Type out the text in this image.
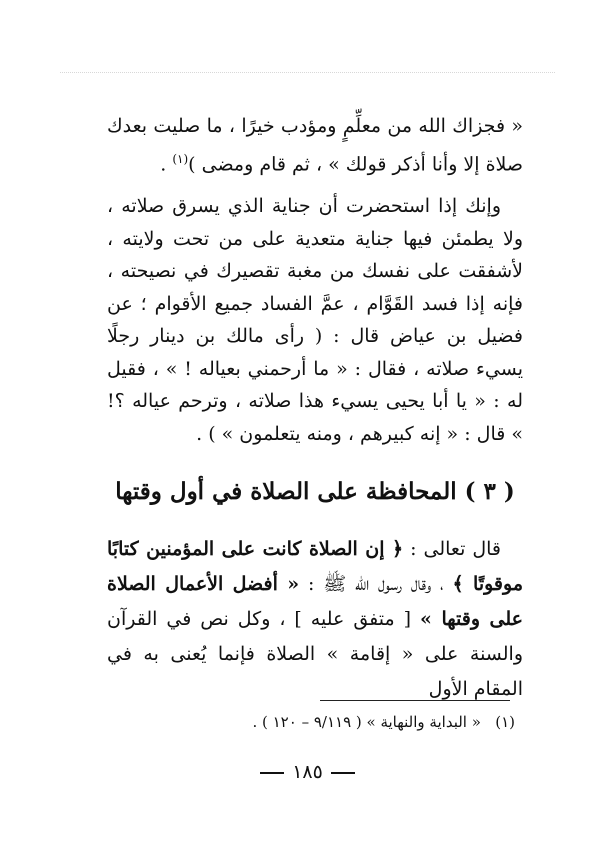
« فجزاك الله من معلِّمٍ ومؤدب خيرًا ، ما صليت بعدك صلاة إلا وأنا أذكر قولك » ، ثم قام ومضى )$^{(١)}$ .

وإنك إذا استحضرت أن جناية الذي يسرق صلاته ، ولا يطمئن فيها جناية متعدية على من تحت ولايته ، لأشفقت على نفسك من مغبة تقصيرك في نصيحته ، فإنه إذا فسد القَوَّام ، عمَّ الفساد جميع الأقوام ؛ عن فضيل بن عياض قال : ( رأى مالك بن دينار رجلًا يسيء صلاته ، فقال : « ما أرحمني بعياله ! » ، فقيل له : « يا أبا يحيى يسيء هذا صلاته ، وترحم عياله ؟! » قال : « إنه كبيرهم ، ومنه يتعلمون » ) .

( ٣ ) المحافظة على الصلاة في أول وقتها

قال تعالى : ﴿ إن الصلاة كانت على المؤمنين كتابًا موقوتًا ﴾ ، وقال رسول الله ﷺ : « أفضل الأعمال الصلاة على وقتها » [ متفق عليه ] ، وكل نص في القرآن والسنة على « إقامة » الصلاة فإنما يُعنى به في المقام الأول

(١)   « البداية والنهاية » ( ٩/١١٩ – ١٢٠ ) .

١٨٥
